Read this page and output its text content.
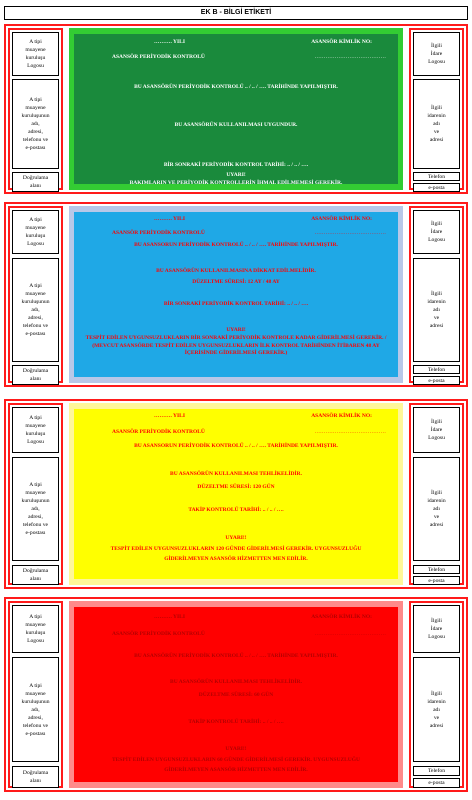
EK B - BİLGİ ETİKETİ
A tipi
muayene
kuruluşu
Logosu
A tipi
muayene
kuruluşunun
adı,
adresi,
telefonu ve
e-postası
Doğrulama
alanı
………. YILI	ASANSÖR KİMLİK NO:
ASANSÖR PERİYODİK KONTROLÜ	…………………………………
BU ASANSÖRÜN PERİYODİK KONTROLÜ .. / .. / …. TARİHİNDE YAPILMIŞTIR.
BU ASANSÖRÜN KULLANILMASI UYGUNDUR.
BİR SONRAKİ PERİYODİK KONTROL TARİHİ: .. / .. / ….
UYARI!
BAKIMLARIN VE PERİYODİK KONTROLLERİN İHMAL EDİLMEMESİ GEREKİR.
İlgili
İdare
Logosu
İlgili
idarenin
adı
ve
adresi
Telefon
e-posta
A tipi
muayene
kuruluşu
Logosu
A tipi
muayene
kuruluşunun
adı,
adresi,
telefonu ve
e-postası
Doğrulama
alanı
………. YILI	ASANSÖR KİMLİK NO:
ASANSÖR PERİYODİK KONTROLÜ	…………………………………
BU ASANSORUN PERİYODİK KONTROLÜ .. / .. / …. TARİHİNDE YAPILMIŞTIR.
BU ASANSÖRÜN KULLANILMASINA DİKKAT EDİLMELİDİR.
DÜZELTME SÜRESİ: 12 AY / 48 AY
BİR SONRAKİ PERİYODİK KONTROL TARİHİ: .. / .. / ….
UYARI!
TESPİT EDİLEN UYGUNSUZLUKLARIN BİR SONRAKİ PERİYODİK KONTROLE KADAR GİDERİLMESİ GEREKİR. / (MEVCUT ASANSÖRDE TESPİT EDİLEN UYGUNSUZLUKLARIN İLK KONTROL TARİHİNDEN İTİBAREN 48 AY İÇERİSİNDE GİDERİLMESİ GEREKİR.)
İlgili
İdare
Logosu
İlgili
idarenin
adı
ve
adresi
Telefon
e-posta
A tipi
muayene
kuruluşu
Logosu
A tipi
muayene
kuruluşunun
adı,
adresi,
telefonu ve
e-postası
Doğrulama
alanı
………. YILI	ASANSÖR KİMLİK NO:
ASANSÖR PERİYODİK KONTROLÜ	…………………………………
BU ASANSORUN PERİYODİK KONTROLÜ .. / .. / …. TARİHİNDE YAPILMIŞTIR.
BU ASANSÖRÜN KULLANILMASI TEHLİKELİDİR.
DÜZELTME SÜRESİ: 120 GÜN
TAKİP KONTROLÜ TARİHİ: .. / .. / ….
UYARI!!
TESPİT EDİLEN UYGUNSUZLUKLARIN 120 GÜNDE GİDERİLMESİ GEREKİR. UYGUNSUZLUĞU GİDERİLMEYEN ASANSÖR HİZMETTEN MEN EDİLİR.
İlgili
İdare
Logosu
İlgili
idarenin
adı
ve
adresi
Telefon
e-posta
A tipi
muayene
kuruluşu
Logosu
A tipi
muayene
kuruluşunun
adı,
adresi,
telefonu ve
e-postası
Doğrulama
alanı
………. YILI	ASANSÖR KİMLİK NO:
ASANSÖR PERİYODİK KONTROLÜ	…………………………………
BU ASANSÖRÜN PERİYODİK KONTROLÜ .. / .. / …. TARİHİNDE YAPILMIŞTIR.
BU ASANSÖRÜN KULLANILMASI TEHLİKELİDİR.
DÜZELTME SÜRESİ: 60 GÜN
TAKİP KONTROLÜ TARİHİ: .. / .. / ….
UYARI!!
TESPİT EDİLEN UYGUNSUZLUKLARIN 60 GÜNDE GİDERİLMESİ GEREKİR. UYGUNSUZLUĞU GİDERİLMEYEN ASANSÖR HİZMETTEN MEN EDİLİR.
İlgili
İdare
Logosu
İlgili
idarenin
adı
ve
adresi
Telefon
e-posta
